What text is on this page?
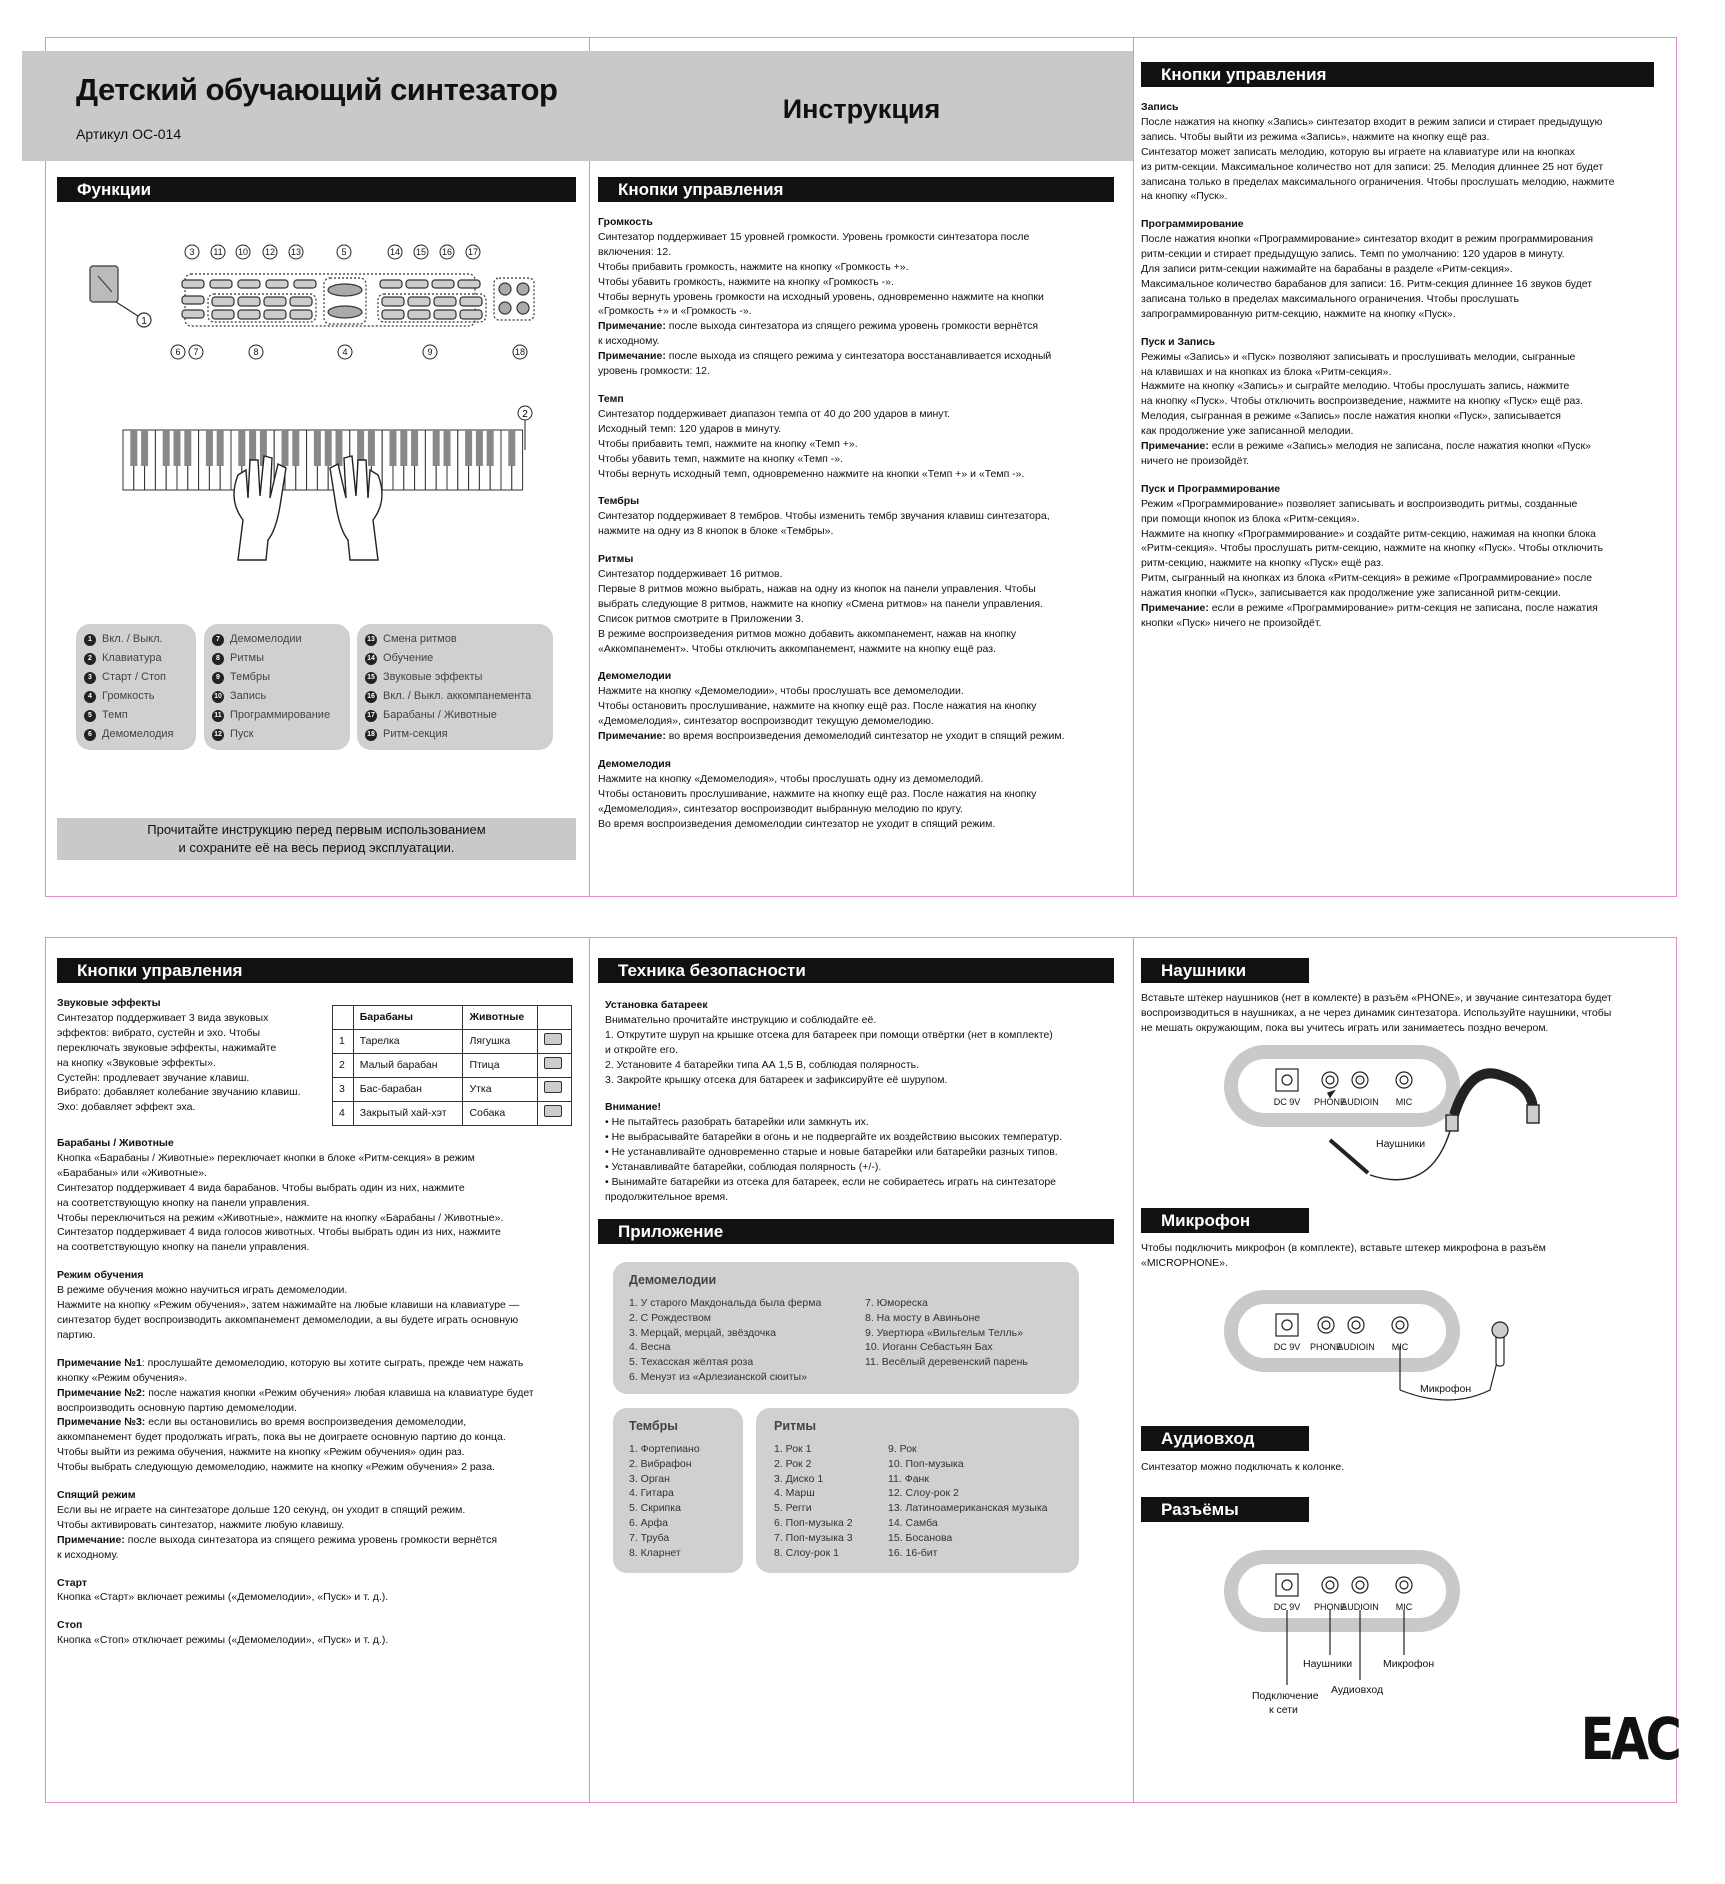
Детский обучающий синтезатор
Артикул OC-014
Инструкция
Функции
1
3 11 10 12 13	5	14 15 16 17
6 7	8	4	9	18
2
1 Вкл. / Выкл.
2 Клавиатура
3 Старт / Стоп
4 Громкость
5 Темп
6 Демомелодия
7 Демомелодии
8 Ритмы
9 Тембры
10 Запись
11 Программирование
12 Пуск
13 Смена ритмов
14 Обучение
15 Звуковые эффекты
16 Вкл. / Выкл. аккомпанемента
17 Барабаны / Животные
18 Ритм-секция
Прочитайте инструкцию перед первым использованием
и сохраните её на весь период эксплуатации.
Кнопки управления
Громкость
Синтезатор поддерживает 15 уровней громкости. Уровень громкости синтезатора после
включения: 12.
Чтобы прибавить громкость, нажмите на кнопку «Громкость +».
Чтобы убавить громкость, нажмите на кнопку «Громкость -».
Чтобы вернуть уровень громкости на исходный уровень, одновременно нажмите на кнопки
«Громкость +» и «Громкость -».
Примечание: после выхода синтезатора из спящего режима уровень громкости вернётся
к исходному.
Примечание: после выхода из спящего режима у синтезатора восстанавливается исходный
уровень громкости: 12.
Темп
Синтезатор поддерживает диапазон темпа от 40 до 200 ударов в минут.
Исходный темп: 120 ударов в минуту.
Чтобы прибавить темп, нажмите на кнопку «Темп +».
Чтобы убавить темп, нажмите на кнопку «Темп -».
Чтобы вернуть исходный темп, одновременно нажмите на кнопки «Темп +» и «Темп -».
Тембры
Синтезатор поддерживает 8 тембров. Чтобы изменить тембр звучания клавиш синтезатора,
нажмите на одну из 8 кнопок в блоке «Тембры».
Ритмы
Синтезатор поддерживает 16 ритмов.
Первые 8 ритмов можно выбрать, нажав на одну из кнопок на панели управления. Чтобы
выбрать следующие 8 ритмов, нажмите на кнопку «Смена ритмов» на панели управления.
Список ритмов смотрите в Приложении 3.
В режиме воспроизведения ритмов можно добавить аккомпанемент, нажав на кнопку
«Аккомпанемент». Чтобы отключить аккомпанемент, нажмите на кнопку ещё раз.
Демомелодии
Нажмите на кнопку «Демомелодии», чтобы прослушать все демомелодии.
Чтобы остановить прослушивание, нажмите на кнопку ещё раз. После нажатия на кнопку
«Демомелодия», синтезатор воспроизводит текущую демомелодию.
Примечание: во время воспроизведения демомелодий синтезатор не уходит в спящий режим.
Демомелодия
Нажмите на кнопку «Демомелодия», чтобы прослушать одну из демомелодий.
Чтобы остановить прослушивание, нажмите на кнопку ещё раз. После нажатия на кнопку
«Демомелодия», синтезатор воспроизводит выбранную мелодию по кругу.
Во время воспроизведения демомелодии синтезатор не уходит в спящий режим.
Кнопки управления
Запись
После нажатия на кнопку «Запись» синтезатор входит в режим записи и стирает предыдущую
запись. Чтобы выйти из режима «Запись», нажмите на кнопку ещё раз.
Синтезатор может записать мелодию, которую вы играете на клавиатуре или на кнопках
из ритм-секции. Максимальное количество нот для записи: 25. Мелодия длиннее 25 нот будет
записана только в пределах максимального ограничения. Чтобы прослушать мелодию, нажмите
на кнопку «Пуск».
Программирование
После нажатия кнопки «Программирование» синтезатор входит в режим программирования
ритм-секции и стирает предыдущую запись. Темп по умолчанию: 120 ударов в минуту.
Для записи ритм-секции нажимайте на барабаны в разделе «Ритм-секция».
Максимальное количество барабанов для записи: 16. Ритм-секция длиннее 16 звуков будет
записана только в пределах максимального ограничения. Чтобы прослушать
запрограммированную ритм-секцию, нажмите на кнопку «Пуск».
Пуск и Запись
Режимы «Запись» и «Пуск» позволяют записывать и прослушивать мелодии, сыгранные
на клавишах и на кнопках из блока «Ритм-секция».
Нажмите на кнопку «Запись» и сыграйте мелодию. Чтобы прослушать запись, нажмите
на кнопку «Пуск». Чтобы отключить воспроизведение, нажмите на кнопку «Пуск» ещё раз.
Мелодия, сыгранная в режиме «Запись» после нажатия кнопки «Пуск», записывается
как продолжение уже записанной мелодии.
Примечание: если в режиме «Запись» мелодия не записана, после нажатия кнопки «Пуск»
ничего не произойдёт.
Пуск и Программирование
Режим «Программирование» позволяет записывать и воспроизводить ритмы, созданные
при помощи кнопок из блока «Ритм-секция».
Нажмите на кнопку «Программирование» и создайте ритм-секцию, нажимая на кнопки блока
«Ритм-секция». Чтобы прослушать ритм-секцию, нажмите на кнопку «Пуск». Чтобы отключить
ритм-секцию, нажмите на кнопку «Пуск» ещё раз.
Ритм, сыгранный на кнопках из блока «Ритм-секция» в режиме «Программирование» после
нажатия кнопки «Пуск», записывается как продолжение уже записанной ритм-секции.
Примечание: если в режиме «Программирование» ритм-секция не записана, после нажатия
кнопки «Пуск» ничего не произойдёт.
Кнопки управления
Звуковые эффекты
Синтезатор поддерживает 3 вида звуковых
эффектов: вибрато, сустейн и эхо. Чтобы
переключать звуковые эффекты, нажимайте
на кнопку «Звуковые эффекты».
Сустейн: продлевает звучание клавиш.
Вибрато: добавляет колебание звучанию клавиш.
Эхо: добавляет эффект эха.
	Барабаны	Животные	
1	Тарелка	Лягушка	
2	Малый барабан	Птица	
3	Бас-барабан	Утка	
4	Закрытый хай-хэт	Собака	
Барабаны / Животные
Кнопка «Барабаны / Животные» переключает кнопки в блоке «Ритм-секция» в режим
«Барабаны» или «Животные».
Синтезатор поддерживает 4 вида барабанов. Чтобы выбрать один из них, нажмите
на соответствующую кнопку на панели управления.
Чтобы переключиться на режим «Животные», нажмите на кнопку «Барабаны / Животные».
Синтезатор поддерживает 4 вида голосов животных. Чтобы выбрать один из них, нажмите
на соответствующую кнопку на панели управления.
Режим обучения
В режиме обучения можно научиться играть демомелодии.
Нажмите на кнопку «Режим обучения», затем нажимайте на любые клавиши на клавиатуре —
синтезатор будет воспроизводить аккомпанемент демомелодии, а вы будете играть основную
партию.
Примечание №1: прослушайте демомелодию, которую вы хотите сыграть, прежде чем нажать
кнопку «Режим обучения».
Примечание №2: после нажатия кнопки «Режим обучения» любая клавиша на клавиатуре будет
воспроизводить основную партию демомелодии.
Примечание №3: если вы остановились во время воспроизведения демомелодии,
аккомпанемент будет продолжать играть, пока вы не доиграете основную партию до конца.
Чтобы выйти из режима обучения, нажмите на кнопку «Режим обучения» один раз.
Чтобы выбрать следующую демомелодию, нажмите на кнопку «Режим обучения» 2 раза.
Спящий режим
Если вы не играете на синтезаторе дольше 120 секунд, он уходит в спящий режим.
Чтобы активировать синтезатор, нажмите любую клавишу.
Примечание: после выхода синтезатора из спящего режима уровень громкости вернётся
к исходному.
Старт
Кнопка «Старт» включает режимы («Демомелодии», «Пуск» и т. д.).
Стоп
Кнопка «Стоп» отключает режимы («Демомелодии», «Пуск» и т. д.).
Техника безопасности
Установка батареек
Внимательно прочитайте инструкцию и соблюдайте её.
1. Открутите шуруп на крышке отсека для батареек при помощи отвёртки (нет в комплекте)
и откройте его.
2. Установите 4 батарейки типа АА 1,5 В, соблюдая полярность.
3. Закройте крышку отсека для батареек и зафиксируйте её шурупом.
Внимание!
• Не пытайтесь разобрать батарейки или замкнуть их.
• Не выбрасывайте батарейки в огонь и не подвергайте их воздействию высоких температур.
• Не устанавливайте одновременно старые и новые батарейки или батарейки разных типов.
• Устанавливайте батарейки, соблюдая полярность (+/-).
• Вынимайте батарейки из отсека для батареек, если не собираетесь играть на синтезаторе
продолжительное время.
Приложение
Демомелодии
1. У старого Макдональда была ферма
2. С Рождеством
3. Мерцай, мерцай, звёздочка
4. Весна
5. Техасская жёлтая роза
6. Менуэт из «Арлезианской сюиты»
7. Юмореска
8. На мосту в Авиньоне
9. Увертюра «Вильгельм Телль»
10. Иоганн Себастьян Бах
11. Весёлый деревенский парень
Тембры
1. Фортепиано
2. Вибрафон
3. Орган
4. Гитара
5. Скрипка
6. Арфа
7. Труба
8. Кларнет
Ритмы
1. Рок 1
2. Рок 2
3. Диско 1
4. Марш
5. Регги
6. Поп-музыка 2
7. Поп-музыка 3
8. Слоу-рок 1
9. Рок
10. Поп-музыка
11. Фанк
12. Слоу-рок 2
13. Латиноамериканская музыка
14. Самба
15. Босанова
16. 16-бит
Наушники
Вставьте штекер наушников (нет в комлекте) в разъём «PHONE», и звучание синтезатора будет
воспроизводиться в наушниках, а не через динамик синтезатора. Используйте наушники, чтобы
не мешать окружающим, пока вы учитесь играть или занимаетесь поздно вечером.
DC 9V PHONE
AUDIOIN MIC
Наушники
Микрофон
Чтобы подключить микрофон (в комплекте), вставьте штекер микрофона в разъём
«MICROPHONE».
DC 9V PHONE
AUDIOIN MIC
Микрофон
Аудиовход
Синтезатор можно подключать к колонке.
Разъёмы
DC 9V PHONE
AUDIOIN MIC
Наушники	Микрофон
Подключение
к сети
Аудиовход
ЕАС
